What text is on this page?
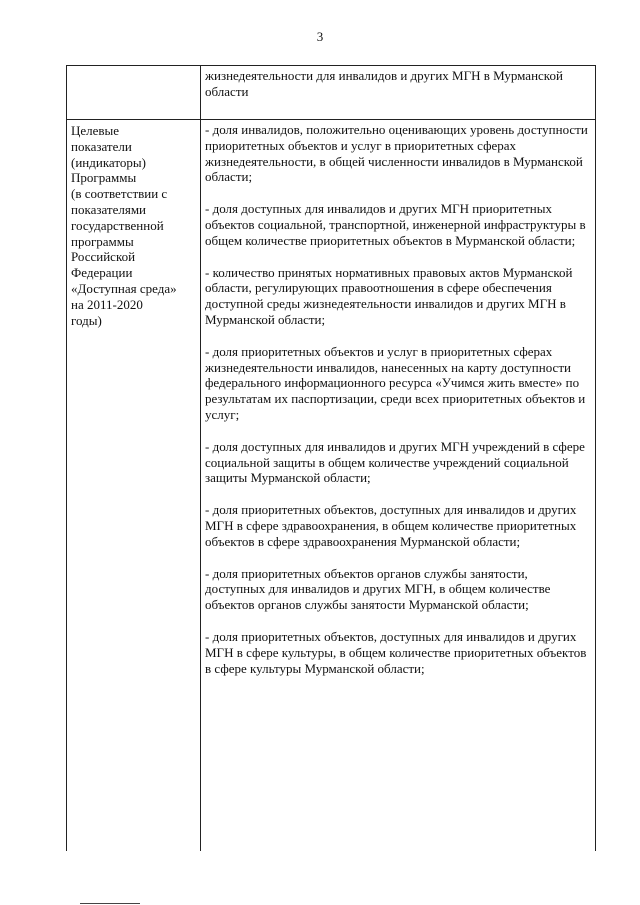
3
жизнедеятельности для инвалидов и других МГН в Мурманской области
Целевые
показатели
(индикаторы)
Программы
(в соответствии с
показателями
государственной
программы
Российской
Федерации
«Доступная среда»
на 2011-2020
годы)

- доля инвалидов, положительно оценивающих уровень доступности приоритетных объектов и услуг в приоритетных сферах жизнедеятельности, в общей численности инвалидов в Мурманской области;

- доля доступных для инвалидов и других МГН приоритетных объектов социальной, транспортной, инженерной инфраструктуры в общем количестве приоритетных объектов в Мурманской области;

- количество принятых нормативных правовых актов Мурманской области, регулирующих правоотношения в сфере обеспечения доступной среды жизнедеятельности инвалидов и других МГН в Мурманской области;

- доля приоритетных объектов и услуг в приоритетных сферах жизнедеятельности инвалидов, нанесенных на карту доступности федерального информационного ресурса «Учимся жить вместе» по результатам их паспортизации, среди всех приоритетных объектов и услуг;

- доля доступных для инвалидов и других МГН учреждений в сфере социальной защиты в общем количестве учреждений социальной защиты Мурманской области;

- доля приоритетных объектов, доступных для инвалидов и других МГН в сфере здравоохранения, в общем количестве приоритетных объектов в сфере здравоохранения Мурманской области;

- доля приоритетных объектов органов службы занятости, доступных для инвалидов и других МГН, в общем количестве объектов органов службы занятости Мурманской области;

- доля приоритетных объектов, доступных для инвалидов и других МГН в сфере культуры, в общем количестве приоритетных объектов в сфере культуры Мурманской области;
